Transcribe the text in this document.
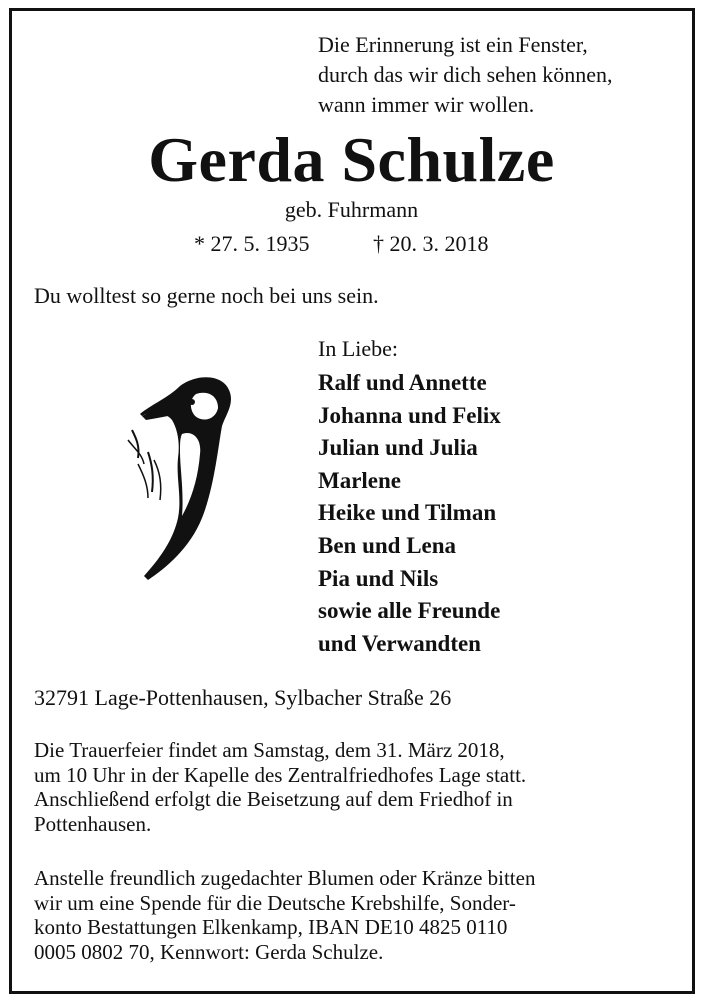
Die Erinnerung ist ein Fenster,
durch das wir dich sehen können,
wann immer wir wollen.
Gerda Schulze
geb. Fuhrmann
* 27. 5. 1935	† 20. 3. 2018
Du wolltest so gerne noch bei uns sein.
In Liebe:
Ralf und Annette
Johanna und Felix
Julian und Julia
Marlene
Heike und Tilman
Ben und Lena
Pia und Nils
sowie alle Freunde
und Verwandten
32791 Lage-Pottenhausen, Sylbacher Straße 26
Die Trauerfeier findet am Samstag, dem 31. März 2018,
um 10 Uhr in der Kapelle des Zentralfriedhofes Lage statt.
Anschließend erfolgt die Beisetzung auf dem Friedhof in
Pottenhausen.
Anstelle freundlich zugedachter Blumen oder Kränze bitten
wir um eine Spende für die Deutsche Krebshilfe, Sonder-
konto Bestattungen Elkenkamp, IBAN DE10 4825 0110
0005 0802 70, Kennwort: Gerda Schulze.
